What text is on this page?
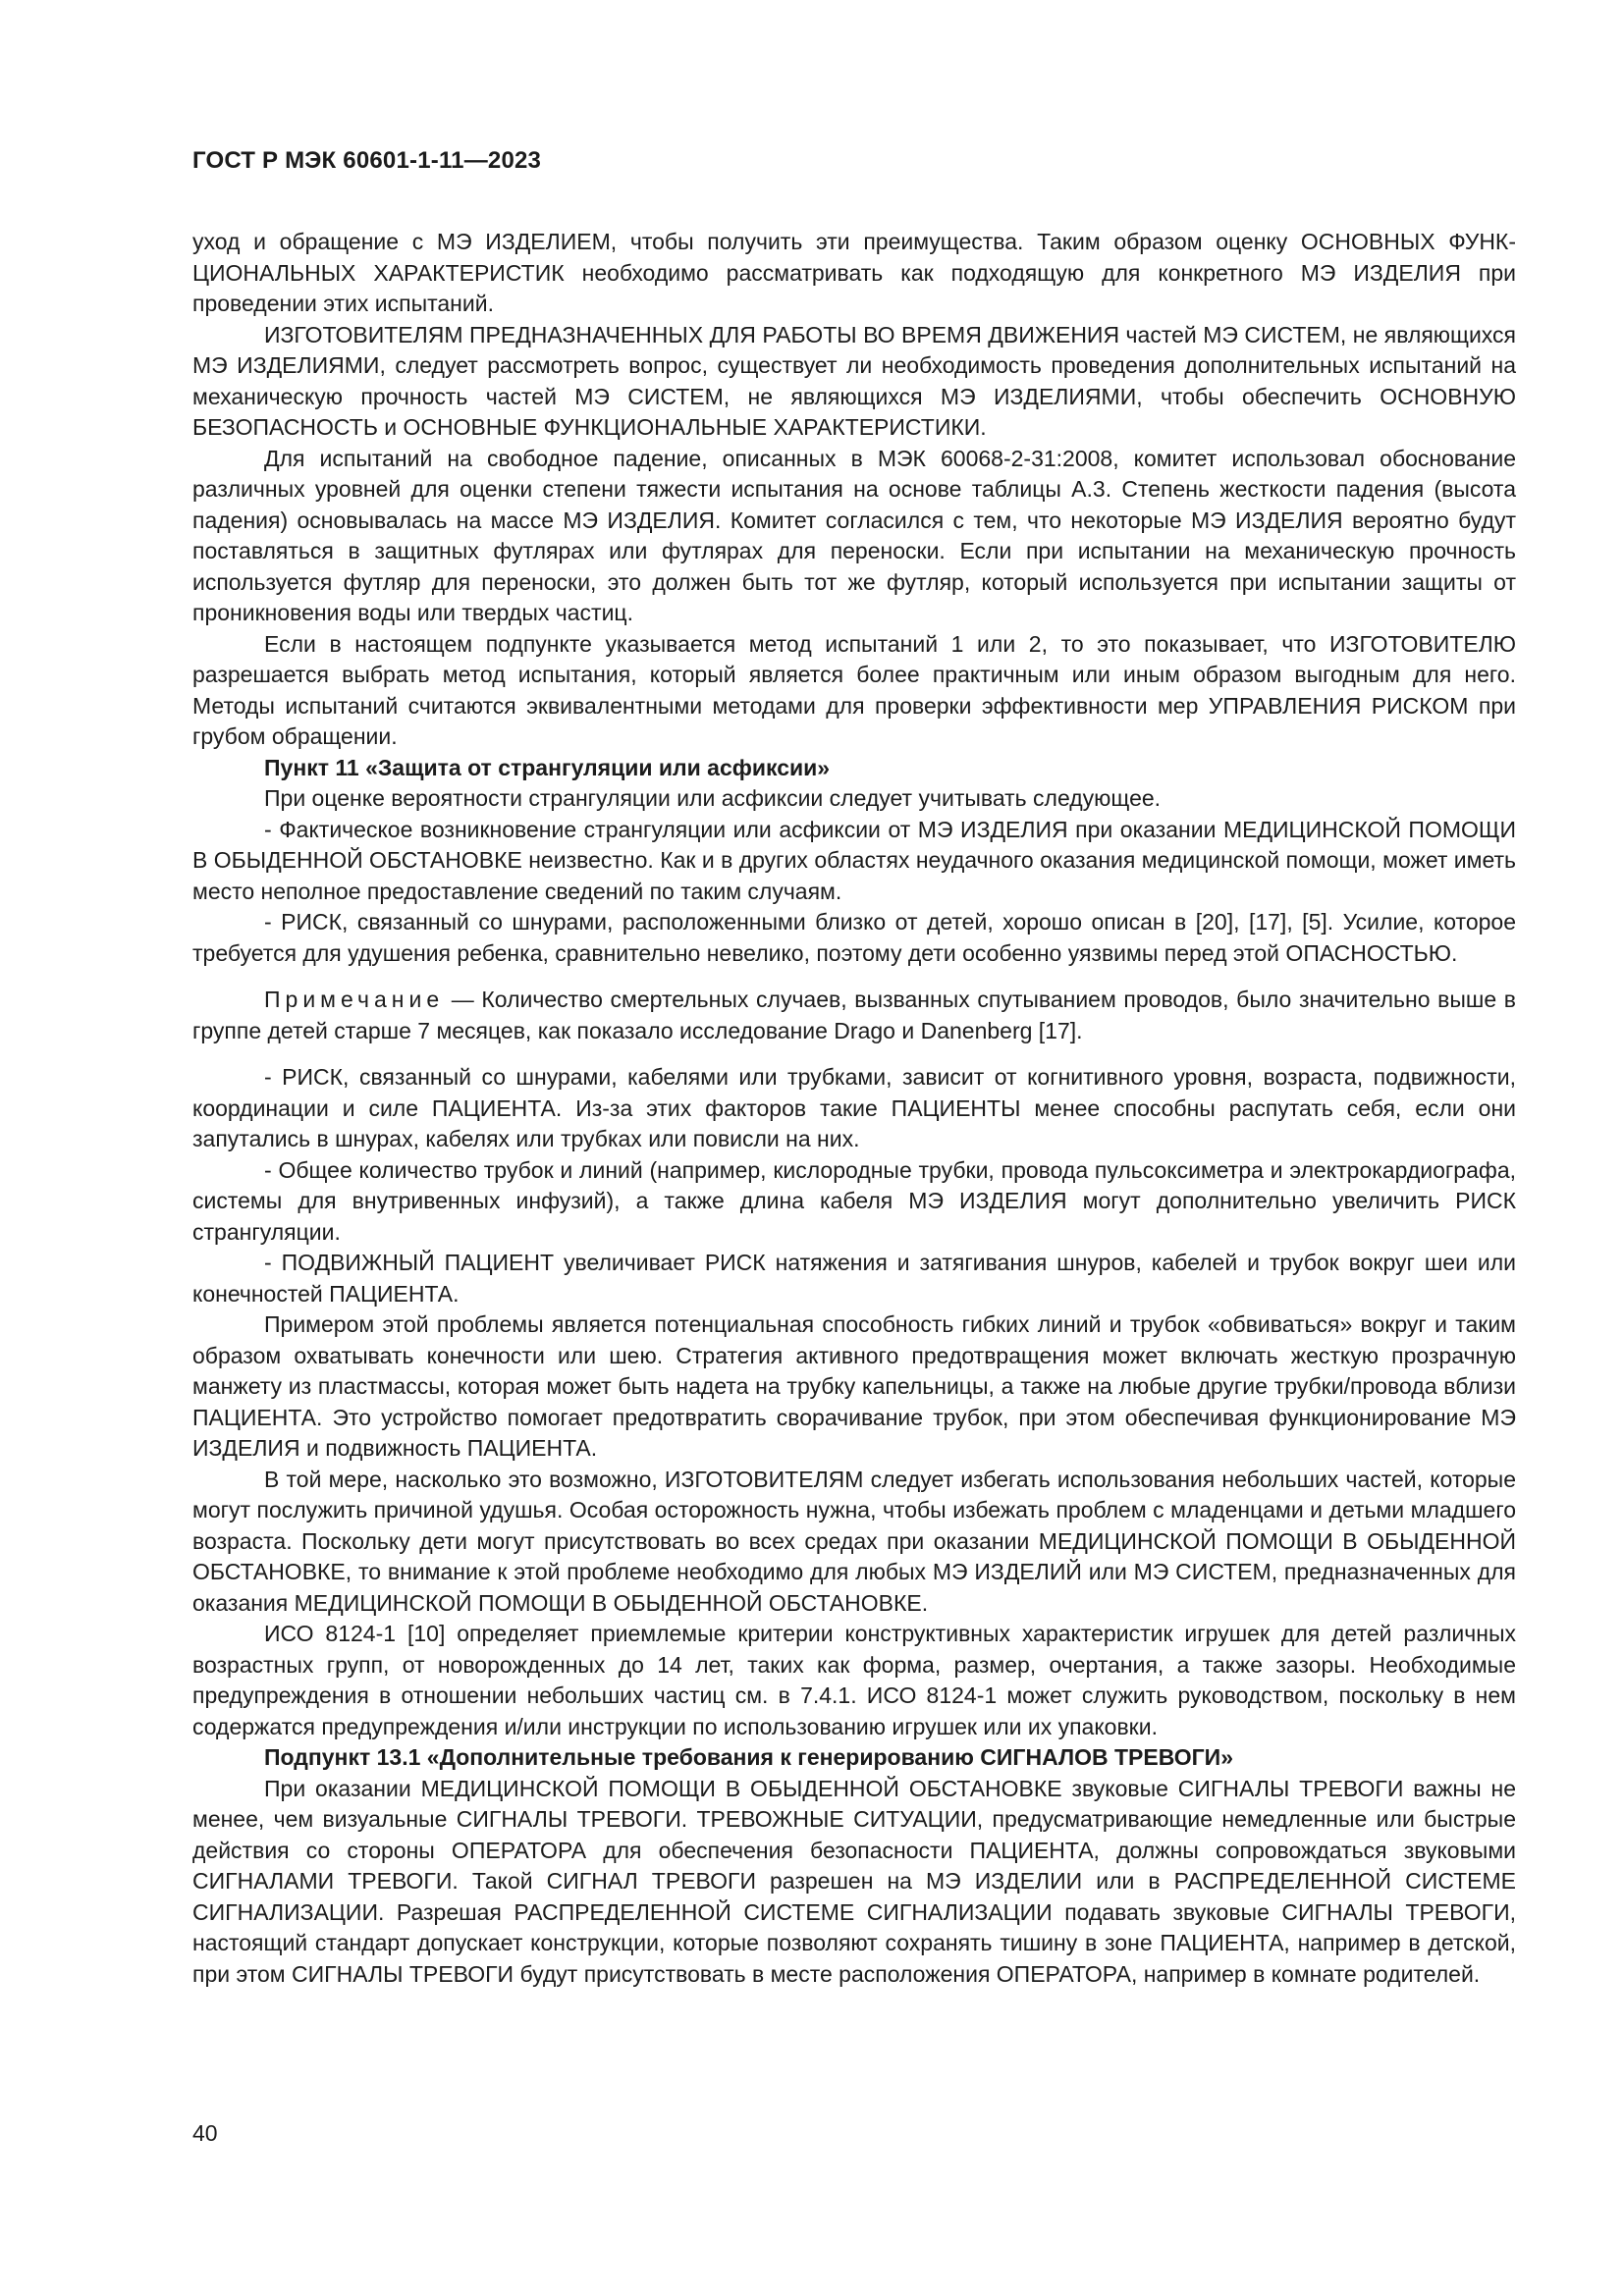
ГОСТ Р МЭК 60601-1-11—2023

уход и обращение с МЭ ИЗДЕЛИЕМ, чтобы получить эти преимущества. Таким образом оценку ОСНОВНЫХ ФУНК-ЦИОНАЛЬНЫХ ХАРАКТЕРИСТИК необходимо рассматривать как подходящую для конкретного МЭ ИЗДЕЛИЯ при проведении этих испытаний.

ИЗГОТОВИТЕЛЯМ ПРЕДНАЗНАЧЕННЫХ ДЛЯ РАБОТЫ ВО ВРЕМЯ ДВИЖЕНИЯ частей МЭ СИСТЕМ, не являющихся МЭ ИЗДЕЛИЯМИ, следует рассмотреть вопрос, существует ли необходимость проведения дополнительных испытаний на механическую прочность частей МЭ СИСТЕМ, не являющихся МЭ ИЗДЕЛИЯМИ, чтобы обеспечить ОСНОВНУЮ БЕЗОПАСНОСТЬ и ОСНОВНЫЕ ФУНКЦИОНАЛЬНЫЕ ХАРАКТЕРИСТИКИ.

Для испытаний на свободное падение, описанных в МЭК 60068-2-31:2008, комитет использовал обоснование различных уровней для оценки степени тяжести испытания на основе таблицы А.3. Степень жесткости падения (высота падения) основывалась на массе МЭ ИЗДЕЛИЯ. Комитет согласился с тем, что некоторые МЭ ИЗДЕЛИЯ вероятно будут поставляться в защитных футлярах или футлярах для переноски. Если при испытании на механическую прочность используется футляр для переноски, это должен быть тот же футляр, который используется при испытании защиты от проникновения воды или твердых частиц.

Если в настоящем подпункте указывается метод испытаний 1 или 2, то это показывает, что ИЗГОТОВИТЕЛЮ разрешается выбрать метод испытания, который является более практичным или иным образом выгодным для него. Методы испытаний считаются эквивалентными методами для проверки эффективности мер УПРАВЛЕНИЯ РИСКОМ при грубом обращении.

Пункт 11 «Защита от странгуляции или асфиксии»

При оценке вероятности странгуляции или асфиксии следует учитывать следующее.

- Фактическое возникновение странгуляции или асфиксии от МЭ ИЗДЕЛИЯ при оказании МЕДИЦИНСКОЙ ПОМОЩИ В ОБЫДЕННОЙ ОБСТАНОВКЕ неизвестно. Как и в других областях неудачного оказания медицинской помощи, может иметь место неполное предоставление сведений по таким случаям.

- РИСК, связанный со шнурами, расположенными близко от детей, хорошо описан в [20], [17], [5]. Усилие, которое требуется для удушения ребенка, сравнительно невелико, поэтому дети особенно уязвимы перед этой ОПАСНОСТЬЮ.

Примечание — Количество смертельных случаев, вызванных спутыванием проводов, было значительно выше в группе детей старше 7 месяцев, как показало исследование Drago и Danenberg [17].

- РИСК, связанный со шнурами, кабелями или трубками, зависит от когнитивного уровня, возраста, подвижности, координации и силе ПАЦИЕНТА. Из-за этих факторов такие ПАЦИЕНТЫ менее способны распутать себя, если они запутались в шнурах, кабелях или трубках или повисли на них.

- Общее количество трубок и линий (например, кислородные трубки, провода пульсоксиметра и электрокардиографа, системы для внутривенных инфузий), а также длина кабеля МЭ ИЗДЕЛИЯ могут дополнительно увеличить РИСК странгуляции.

- ПОДВИЖНЫЙ ПАЦИЕНТ увеличивает РИСК натяжения и затягивания шнуров, кабелей и трубок вокруг шеи или конечностей ПАЦИЕНТА.

Примером этой проблемы является потенциальная способность гибких линий и трубок «обвиваться» вокруг и таким образом охватывать конечности или шею. Стратегия активного предотвращения может включать жесткую прозрачную манжету из пластмассы, которая может быть надета на трубку капельницы, а также на любые другие трубки/провода вблизи ПАЦИЕНТА. Это устройство помогает предотвратить сворачивание трубок, при этом обеспечивая функционирование МЭ ИЗДЕЛИЯ и подвижность ПАЦИЕНТА.

В той мере, насколько это возможно, ИЗГОТОВИТЕЛЯМ следует избегать использования небольших частей, которые могут послужить причиной удушья. Особая осторожность нужна, чтобы избежать проблем с младенцами и детьми младшего возраста. Поскольку дети могут присутствовать во всех средах при оказании МЕДИЦИНСКОЙ ПОМОЩИ В ОБЫДЕННОЙ ОБСТАНОВКЕ, то внимание к этой проблеме необходимо для любых МЭ ИЗДЕЛИЙ или МЭ СИСТЕМ, предназначенных для оказания МЕДИЦИНСКОЙ ПОМОЩИ В ОБЫДЕННОЙ ОБСТАНОВКЕ.

ИСО 8124-1 [10] определяет приемлемые критерии конструктивных характеристик игрушек для детей различных возрастных групп, от новорожденных до 14 лет, таких как форма, размер, очертания, а также зазоры. Необходимые предупреждения в отношении небольших частиц см. в 7.4.1. ИСО 8124-1 может служить руководством, поскольку в нем содержатся предупреждения и/или инструкции по использованию игрушек или их упаковки.

Подпункт 13.1 «Дополнительные требования к генерированию СИГНАЛОВ ТРЕВОГИ»

При оказании МЕДИЦИНСКОЙ ПОМОЩИ В ОБЫДЕННОЙ ОБСТАНОВКЕ звуковые СИГНАЛЫ ТРЕВОГИ важны не менее, чем визуальные СИГНАЛЫ ТРЕВОГИ. ТРЕВОЖНЫЕ СИТУАЦИИ, предусматривающие немедленные или быстрые действия со стороны ОПЕРАТОРА для обеспечения безопасности ПАЦИЕНТА, должны сопровождаться звуковыми СИГНАЛАМИ ТРЕВОГИ. Такой СИГНАЛ ТРЕВОГИ разрешен на МЭ ИЗДЕЛИИ или в РАСПРЕДЕЛЕННОЙ СИСТЕМЕ СИГНАЛИЗАЦИИ. Разрешая РАСПРЕДЕЛЕННОЙ СИСТЕМЕ СИГНАЛИЗАЦИИ подавать звуковые СИГНАЛЫ ТРЕВОГИ, настоящий стандарт допускает конструкции, которые позволяют сохранять тишину в зоне ПАЦИЕНТА, например в детской, при этом СИГНАЛЫ ТРЕВОГИ будут присутствовать в месте расположения ОПЕРАТОРА, например в комнате родителей.

40
